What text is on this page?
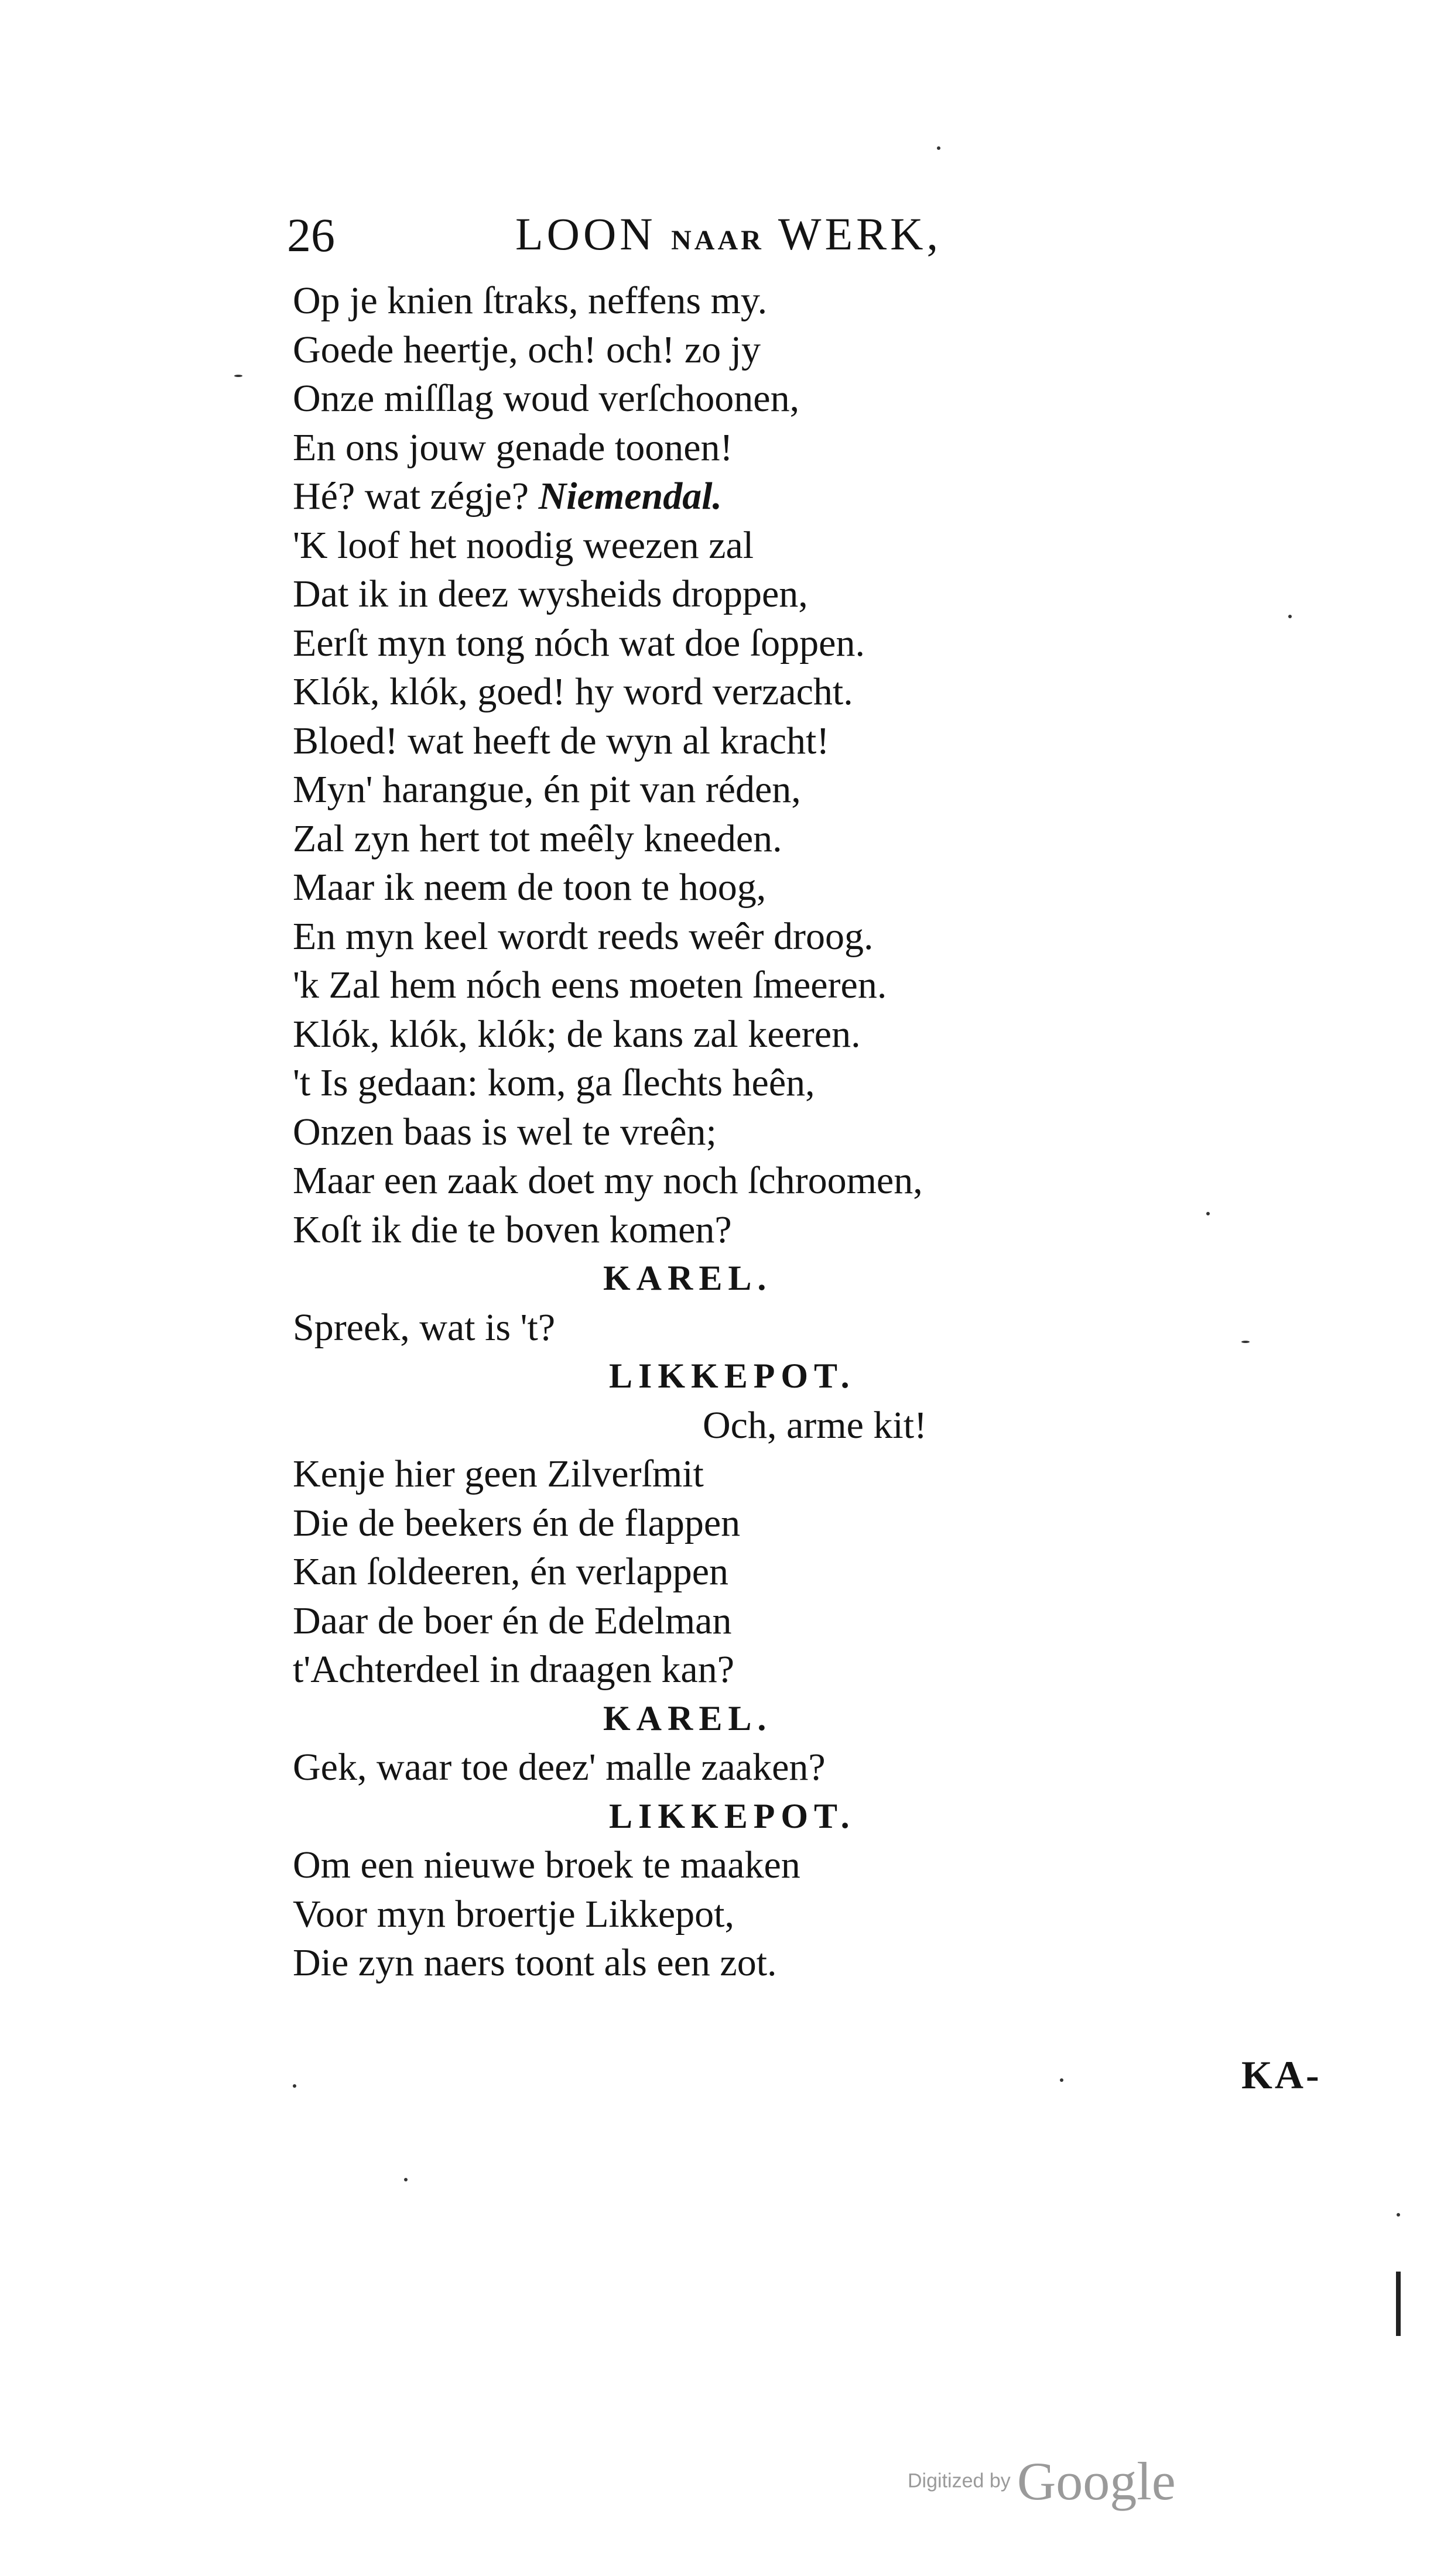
26	LOON NAAR WERK,
Op je knien ſtraks, neffens my.
Goede heertje, och! och! zo jy
Onze miſſlag woud verſchoonen,
En ons jouw genade toonen!
Hé? wat zégje? Niemendal.
'K loof het noodig weezen zal
Dat ik in deez wysheids droppen,
Eerſt myn tong nóch wat doe ſoppen.
Klók, klók, goed! hy word verzacht.
Bloed! wat heeft de wyn al kracht!
Myn' harangue, én pit van réden,
Zal zyn hert tot meêly kneeden.
Maar ik neem de toon te hoog,
En myn keel wordt reeds weêr droog.
'k Zal hem nóch eens moeten ſmeeren.
Klók, klók, klók; de kans zal keeren.
't Is gedaan: kom, ga ſlechts heên,
Onzen baas is wel te vreên;
Maar een zaak doet my noch ſchroomen,
Koſt ik die te boven komen?
KAREL.
Spreek, wat is 't?
LIKKEPOT.
Och, arme kit!
Kenje hier geen Zilverſmit
Die de beekers én de flappen
Kan ſoldeeren, én verlappen
Daar de boer én de Edelman
t'Achterdeel in draagen kan?
KAREL.
Gek, waar toe deez' malle zaaken?
LIKKEPOT.
Om een nieuwe broek te maaken
Voor myn broertje Likkepot,
Die zyn naers toont als een zot.
KA-
Digitized by Google
